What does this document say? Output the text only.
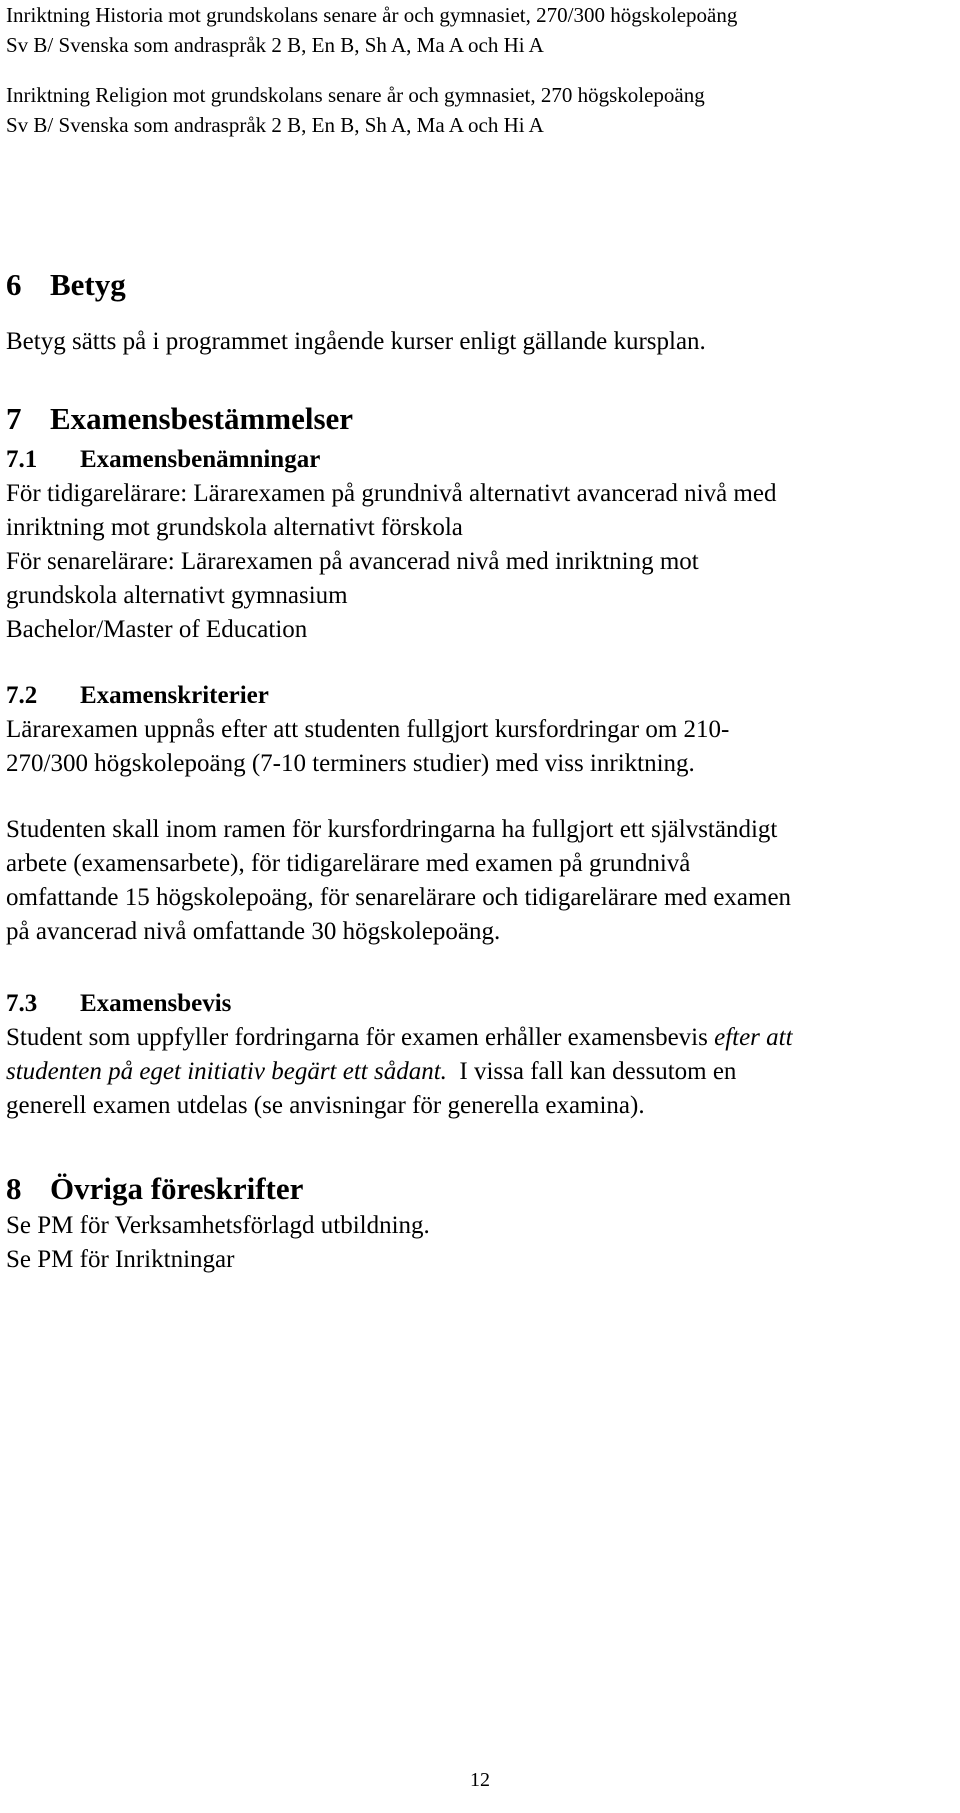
Inriktning Historia mot grundskolans senare år och gymnasiet, 270/300 högskolepoäng

Sv B/ Svenska som andraspråk 2 B, En B, Sh A, Ma A och Hi A

Inriktning Religion mot grundskolans senare år och gymnasiet, 270 högskolepoäng

Sv B/ Svenska som andraspråk 2 B, En B, Sh A, Ma A och Hi A

6 Betyg

Betyg sätts på i programmet ingående kurser enligt gällande kursplan.

7 Examensbestämmelser
7.1 Examensbenämningar

För tidigarelärare: Lärarexamen på grundnivå alternativt avancerad nivå med

inriktning mot grundskola alternativt förskola

För senarelärare: Lärarexamen på avancerad nivå med inriktning mot

grundskola alternativt gymnasium

Bachelor/Master of Education

7.2 Examenskriterier

Lärarexamen uppnås efter att studenten fullgjort kursfordringar om 210-

270/300 högskolepoäng (7-10 terminers studier) med viss inriktning.

Studenten skall inom ramen för kursfordringarna ha fullgjort ett självständigt

arbete (examensarbete), för tidigarelärare med examen på grundnivå

omfattande 15 högskolepoäng, för senarelärare och tidigarelärare med examen

på avancerad nivå omfattande 30 högskolepoäng.

7.3 Examensbevis

Student som uppfyller fordringarna för examen erhåller examensbevis efter att

studenten på eget initiativ begärt ett sådant.  I vissa fall kan dessutom en

generell examen utdelas (se anvisningar för generella examina).

8 Övriga föreskrifter

Se PM för Verksamhetsförlagd utbildning.

Se PM för Inriktningar

12
